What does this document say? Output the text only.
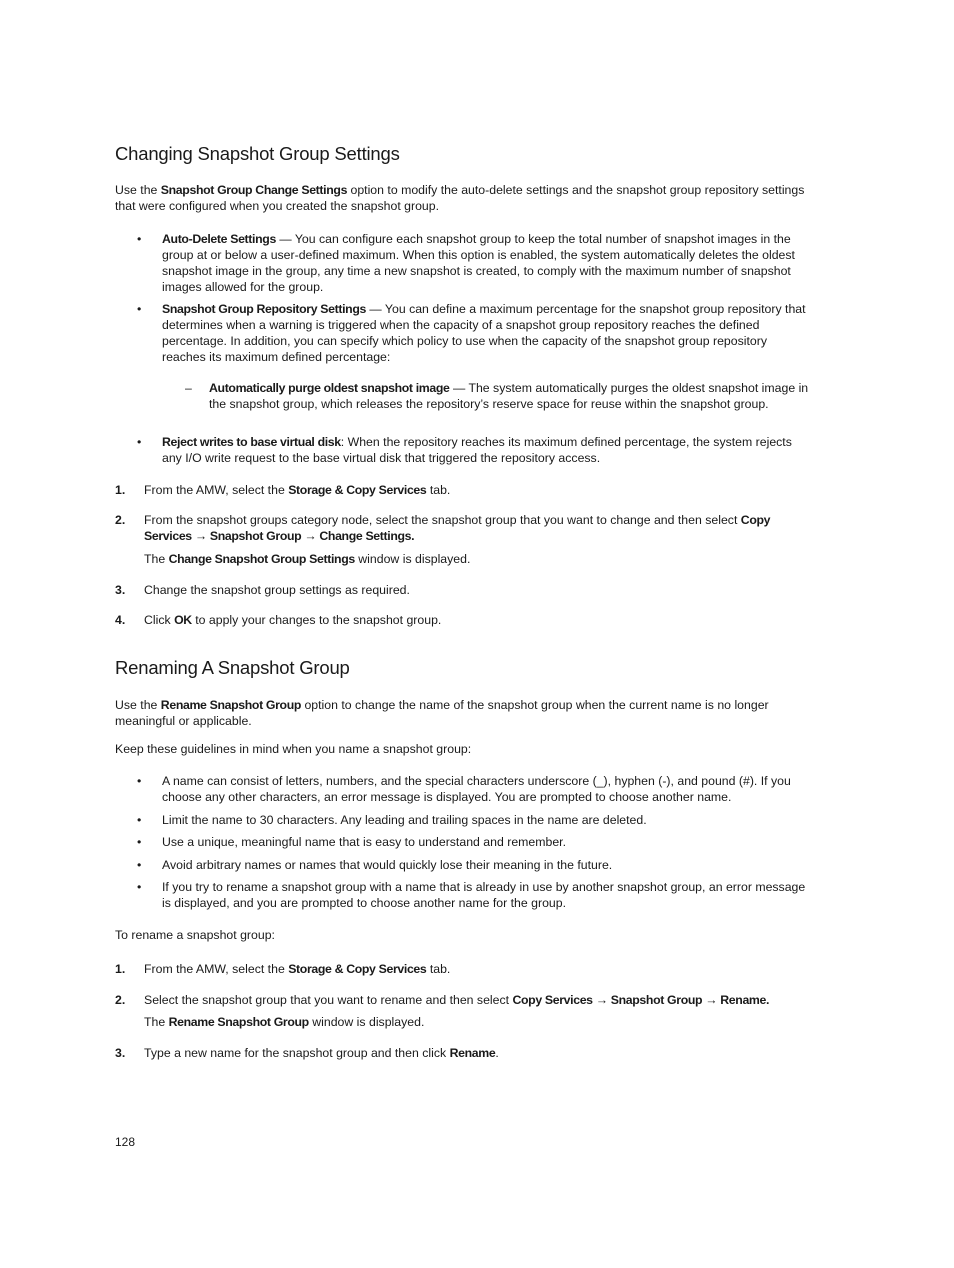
Changing Snapshot Group Settings

Use the Snapshot Group Change Settings option to modify the auto-delete settings and the snapshot group repository settings that were configured when you created the snapshot group.

• Auto-Delete Settings — You can configure each snapshot group to keep the total number of snapshot images in the group at or below a user-defined maximum. When this option is enabled, the system automatically deletes the oldest snapshot image in the group, any time a new snapshot is created, to comply with the maximum number of snapshot images allowed for the group.

• Snapshot Group Repository Settings — You can define a maximum percentage for the snapshot group repository that determines when a warning is triggered when the capacity of a snapshot group repository reaches the defined percentage. In addition, you can specify which policy to use when the capacity of the snapshot group repository reaches its maximum defined percentage:

– Automatically purge oldest snapshot image — The system automatically purges the oldest snapshot image in the snapshot group, which releases the repository’s reserve space for reuse within the snapshot group.

• Reject writes to base virtual disk: When the repository reaches its maximum defined percentage, the system rejects any I/O write request to the base virtual disk that triggered the repository access.

1. From the AMW, select the Storage & Copy Services tab.

2. From the snapshot groups category node, select the snapshot group that you want to change and then select Copy Services → Snapshot Group → Change Settings.

The Change Snapshot Group Settings window is displayed.

3. Change the snapshot group settings as required.

4. Click OK to apply your changes to the snapshot group.

Renaming A Snapshot Group

Use the Rename Snapshot Group option to change the name of the snapshot group when the current name is no longer meaningful or applicable.

Keep these guidelines in mind when you name a snapshot group:

• A name can consist of letters, numbers, and the special characters underscore (_), hyphen (-), and pound (#). If you choose any other characters, an error message is displayed. You are prompted to choose another name.

• Limit the name to 30 characters. Any leading and trailing spaces in the name are deleted.

• Use a unique, meaningful name that is easy to understand and remember.

• Avoid arbitrary names or names that would quickly lose their meaning in the future.

• If you try to rename a snapshot group with a name that is already in use by another snapshot group, an error message is displayed, and you are prompted to choose another name for the group.

To rename a snapshot group:

1. From the AMW, select the Storage & Copy Services tab.

2. Select the snapshot group that you want to rename and then select Copy Services → Snapshot Group → Rename.

The Rename Snapshot Group window is displayed.

3. Type a new name for the snapshot group and then click Rename.

128
